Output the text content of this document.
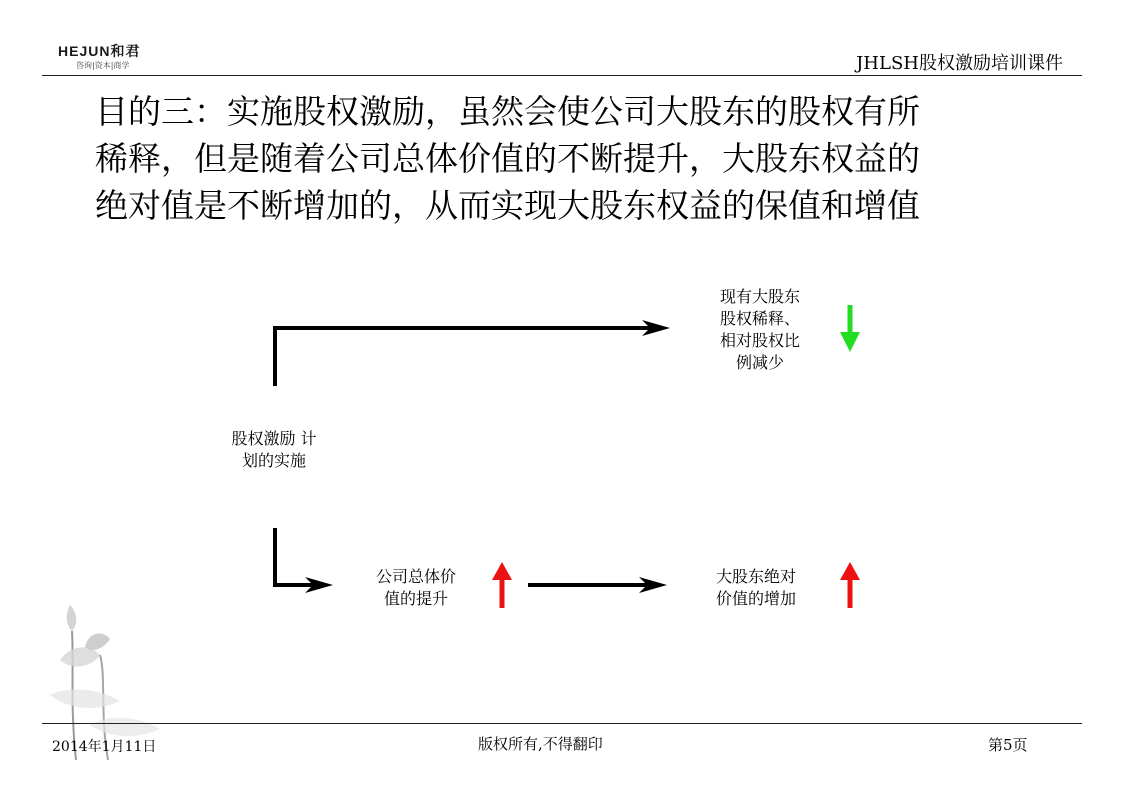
HEJUN和君
咨询|资本|商学	JHLSH股权激励培训课件
目的三：实施股权激励，虽然会使公司大股东的股权有所
稀释，但是随着公司总体价值的不断提升，大股东权益的
绝对值是不断增加的，从而实现大股东权益的保值和增值
现有大股东
股权稀释、
相对股权比
例减少
股权激励 计
划的实施
公司总体价
值的提升
大股东绝对
价值的增加
2014年1月11日	版权所有,不得翻印	第5页
